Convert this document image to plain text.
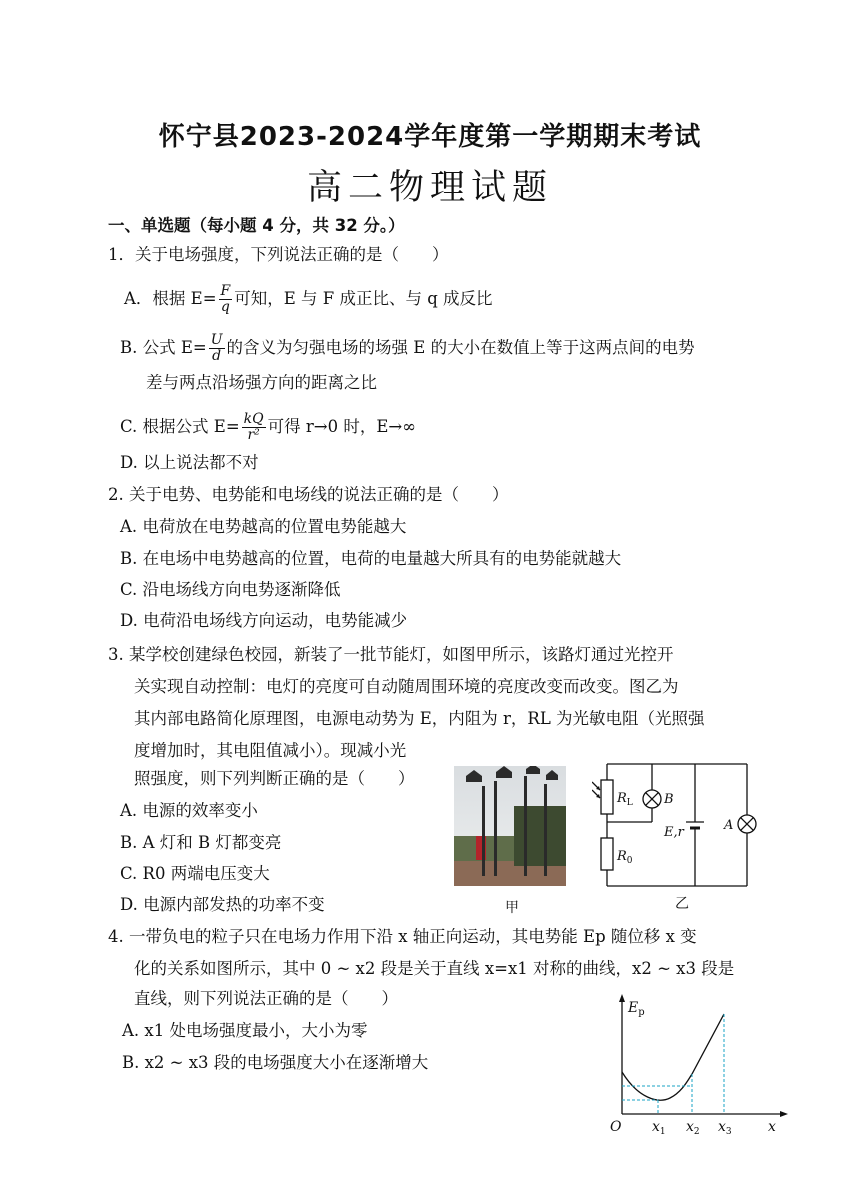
怀宁县2023-2024学年度第一学期期末考试
高二物理试题
一、单选题（每小题 4 分，共 32 分。）
1．关于电场强度，下列说法正确的是（　　）
A．根据 $E= \frac{F}{q}$ 可知，E 与 F 成正比、与 q 成反比
B. 公式 $E= \frac{U}{d}$ 的含义为匀强电场的场强 E 的大小在数值上等于这两点间的电势
差与两点沿场强方向的距离之比
C. 根据公式 $E= \frac{kQ}{\text{r²}}$ 可得 r→0 时，E→∞
D. 以上说法都不对
2. 关于电势、电势能和电场线的说法正确的是（　　）
A. 电荷放在电势越高的位置电势能越大
B. 在电场中电势越高的位置，电荷的电量越大所具有的电势能就越大
C. 沿电场线方向电势逐渐降低
D. 电荷沿电场线方向运动，电势能减少
3. 某学校创建绿色校园，新装了一批节能灯，如图甲所示，该路灯通过光控开
关实现自动控制：电灯的亮度可自动随周围环境的亮度改变而改变。图乙为
其内部电路简化原理图，电源电动势为 E，内阻为 r，RL 为光敏电阻（光照强
度增加时，其电阻值减小）。现减小光
照强度，则下列判断正确的是（　　）
A. 电源的效率变小
B. A 灯和 B 灯都变亮
C. R0 两端电压变大
D. 电源内部发热的功率不变	甲
$R_L$ B
$R_0$
E,r	A
乙
4. 一带负电的粒子只在电场力作用下沿 x 轴正向运动，其电势能 Ep 随位移 x 变
化的关系如图所示，其中 0 ~ x2 段是关于直线 x=x1 对称的曲线，x2 ~ x3 段是
直线，则下列说法正确的是（　　）
A. x1 处电场强度最小，大小为零
B. x2 ~ x3 段的电场强度大小在逐渐增大
$E_p$
O $x_1$ $x_2$ $x_3$	x
